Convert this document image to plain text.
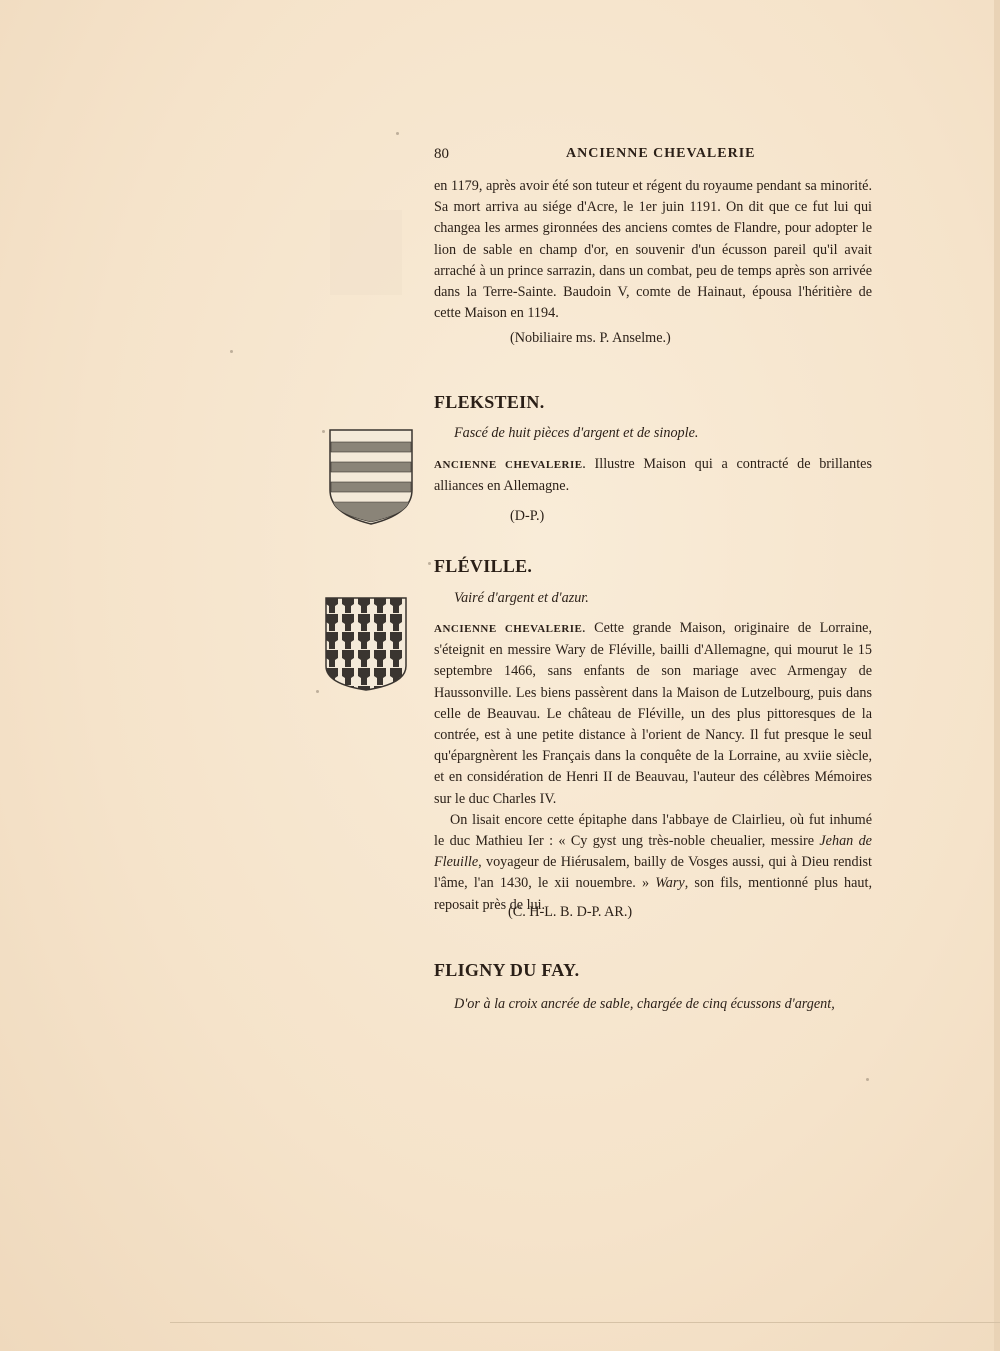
80	ANCIENNE CHEVALERIE

en 1179, après avoir été son tuteur et régent du royaume pendant sa minorité. Sa mort arriva au siége d'Acre, le 1er juin 1191. On dit que ce fut lui qui changea les armes gironnées des anciens comtes de Flandre, pour adopter le lion de sable en champ d'or, en souvenir d'un écusson pareil qu'il avait arraché à un prince sarrazin, dans un combat, peu de temps après son arrivée dans la Terre-Sainte. Baudoin V, comte de Hainaut, épousa l'héritière de cette Maison en 1194.

(Nobiliaire ms. P. Anselme.)
FLEKSTEIN.
Fascé de huit pièces d'argent et de sinople.

ANCIENNE CHEVALERIE. Illustre Maison qui a contracté de brillantes alliances en Allemagne.

(D-P.)
FLÉVILLE.
Vairé d'argent et d'azur.

ANCIENNE CHEVALERIE. Cette grande Maison, originaire de Lorraine, s'éteignit en messire Wary de Fléville, bailli d'Allemagne, qui mourut le 15 septembre 1466, sans enfants de son mariage avec Armengay de Haussonville. Les biens passèrent dans la Maison de Lutzelbourg, puis dans celle de Beauvau. Le château de Fléville, un des plus pittoresques de la contrée, est à une petite distance à l'orient de Nancy. Il fut presque le seul qu'épargnèrent les Français dans la conquête de la Lorraine, au xviie siècle, et en considération de Henri II de Beauvau, l'auteur des célèbres Mémoires sur le duc Charles IV.

On lisait encore cette épitaphe dans l'abbaye de Clairlieu, où fut inhumé le duc Mathieu Ier : « Cy gyst ung très-noble cheualier, messire Jehan de Fleuille, voyageur de Hiérusalem, bailly de Vosges aussi, qui à Dieu rendist l'âme, l'an 1430, le xii nouembre. » Wary, son fils, mentionné plus haut, reposait près de lui.

(C. H-L. B. D-P. AR.)
FLIGNY DU FAY.
D'or à la croix ancrée de sable, chargée de cinq écussons d'argent,
